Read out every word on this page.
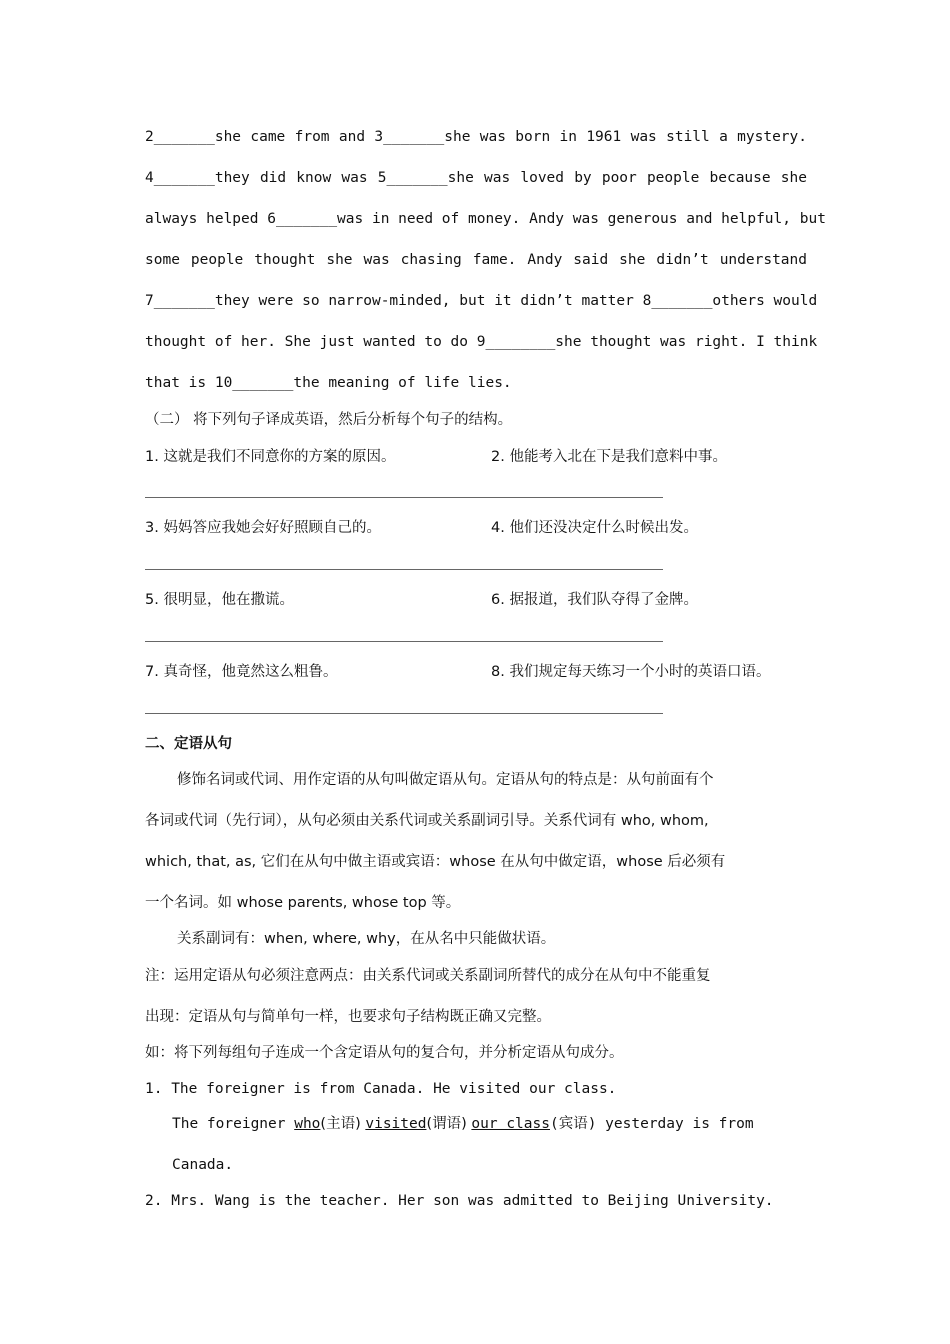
2_______she came from and 3_______she was born in 1961 was still a mystery.
4_______they did know was 5_______she was loved by poor people because she
always helped 6_______was in need of money. Andy was generous and helpful, but
some people thought she was chasing fame. Andy said she didn’t understand
7_______they were so narrow-minded, but it didn’t matter 8_______others would
thought of her. She just wanted to do 9________she thought was right. I think
that is 10_______the meaning of life lies.
（二） 将下列句子译成英语，然后分析每个句子的结构。
1. 这就是我们不同意你的方案的原因。	2. 他能考入北在下是我们意料中事。
3. 妈妈答应我她会好好照顾自己的。	4. 他们还没决定什么时候出发。
5. 很明显，他在撒谎。	6. 据报道，我们队夺得了金牌。
7. 真奇怪，他竟然这么粗鲁。	8. 我们规定每天练习一个小时的英语口语。
二、定语从句
修饰名词或代词、用作定语的从句叫做定语从句。定语从句的特点是：从句前面有个
各词或代词（先行词），从句必须由关系代词或关系副词引导。关系代词有 who, whom,
which, that, as, 它们在从句中做主语或宾语：whose 在从句中做定语，whose 后必须有
一个名词。如 whose parents, whose top 等。
关系副词有：when, where, why，在从名中只能做状语。
注：运用定语从句必须注意两点：由关系代词或关系副词所替代的成分在从句中不能重复
出现：定语从句与简单句一样，也要求句子结构既正确又完整。
如：将下列每组句子连成一个含定语从句的复合句，并分析定语从句成分。
1. The foreigner is from Canada. He visited our class.
The foreigner who(主语) visited(谓语) our class(宾语) yesterday is from
Canada.
2. Mrs. Wang is the teacher. Her son was admitted to Beijing University.
